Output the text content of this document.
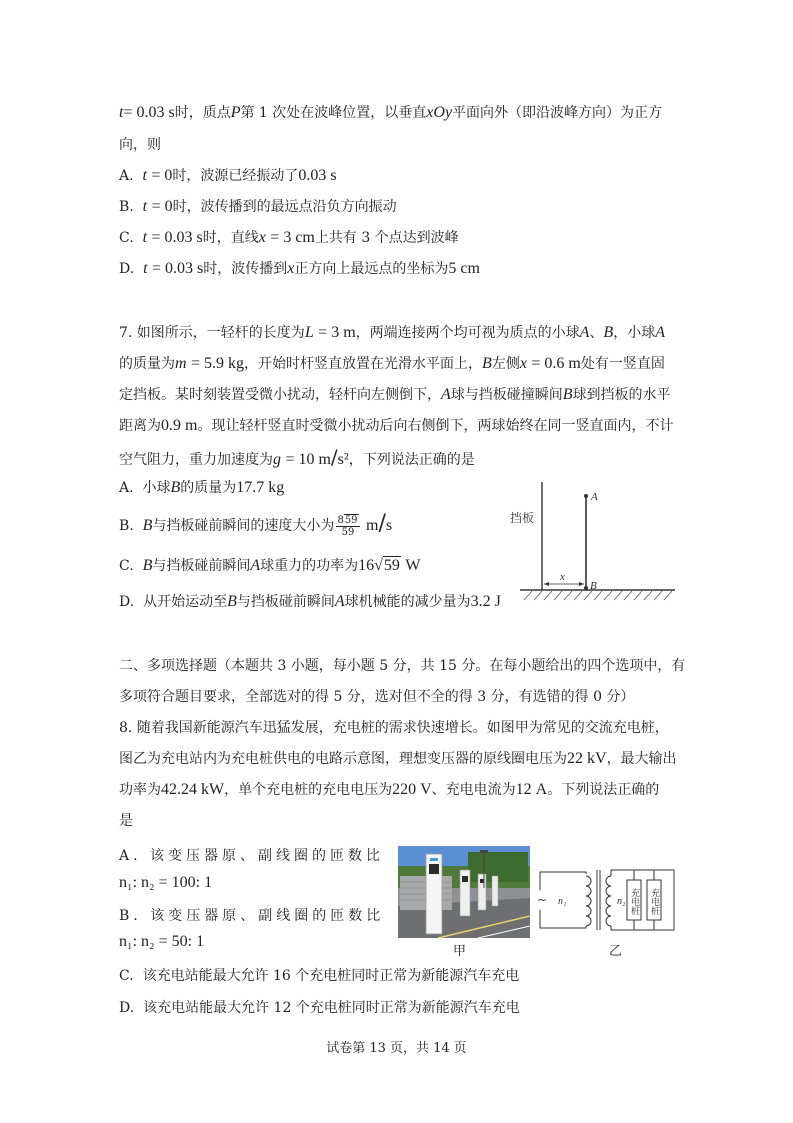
t= 0.03 s时，质点P第 1 次处在波峰位置，以垂直xOy平面向外（即沿波峰方向）为正方
向，则
A. t = 0时，波源已经振动了0.03 s
B. t = 0时，波传播到的最远点沿负方向振动
C. t = 0.03 s时，直线x = 3 cm上共有 3 个点达到波峰
D. t = 0.03 s时，波传播到x正方向上最远点的坐标为5 cm
7. 如图所示，一轻杆的长度为L = 3 m，两端连接两个均可视为质点的小球A、B，小球A
的质量为m = 5.9 kg，开始时杆竖直放置在光滑水平面上，B左侧x = 0.6 m处有一竖直固
定挡板。某时刻装置受微小扰动，轻杆向左侧倒下，A球与挡板碰撞瞬间B球到挡板的水平
距离为0.9 m。现让轻杆竖直时受微小扰动后向右侧倒下，两球始终在同一竖直面内，不计
空气阻力，重力加速度为g = 10 m/s²，下列说法正确的是
A. 小球B的质量为17.7 kg
B. B与挡板碰前瞬间的速度大小为 $\frac{859}{59} m/s$
C. B与挡板碰前瞬间A球重力的功率为16√59 W
D. 从开始运动至B与挡板碰前瞬间A球机械能的减少量为3.2 J
挡板
A
B
x
二、多项选择题（本题共 3 小题，每小题 5 分，共 15 分。在每小题给出的四个选项中，有
多项符合题目要求，全部选对的得 5 分，选对但不全的得 3 分，有选错的得 0 分）
8. 随着我国新能源汽车迅猛发展，充电桩的需求快速增长。如图甲为常见的交流充电桩，
图乙为充电站内为充电桩供电的电路示意图，理想变压器的原线圈电压为22 kV，最大输出
功率为42.24 kW，单个充电桩的充电电压为220 V、充电电流为12 A。下列说法正确的
是
A. 该变压器原、副线圈的匝数比
n₁: n₂ = 100: 1
B. 该变压器原、副线圈的匝数比
n₁: n₂ = 50: 1
C. 该充电站能最大允许 16 个充电桩同时正常为新能源汽车充电
D. 该充电站能最大允许 12 个充电桩同时正常为新能源汽车充电
甲
~	充电桩 充电桩
n₁	n₂
乙
试卷第 13 页，共 14 页
